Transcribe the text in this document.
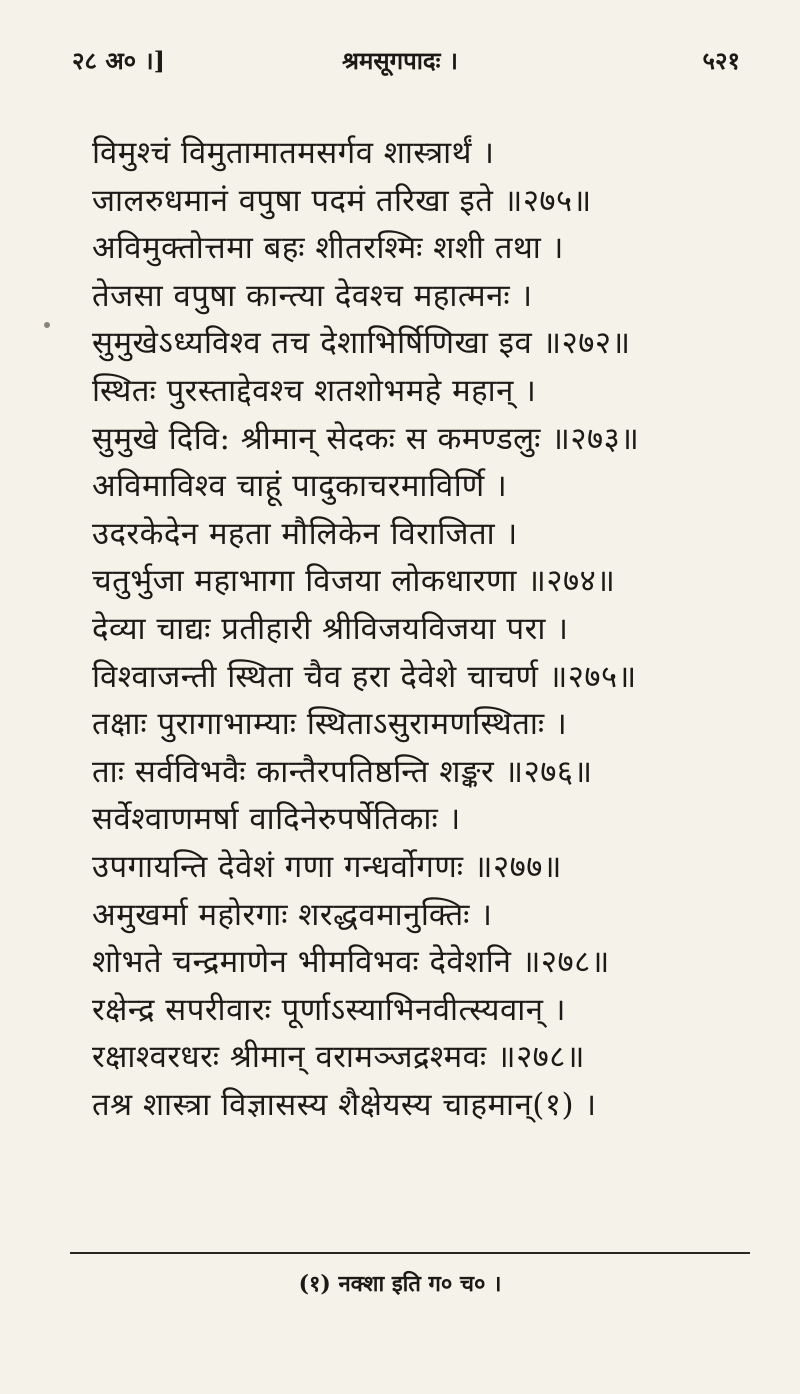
२८ अ० ।]	श्रमसूगपादः ।	५२१
विमुश्चं विमुतामातमसर्गव शास्त्रार्थं ।
जालरुधमानं वपुषा पदमं तरिखा इते ॥२७५॥
अविमुक्तोत्तमा बहः शीतरश्मिः शशी तथा ।
तेजसा वपुषा कान्त्या देवश्च महात्मनः ।
सुमुखेऽध्यविश्व तच देशाभिर्षिणिखा इव ॥२७२॥
स्थितः पुरस्ताद्देवश्च शतशोभमहे महान् ।
सुमुखे दिवि: श्रीमान् सेदकः स कमण्डलुः ॥२७३॥
अविमाविश्व चाहूं पादुकाचरमाविर्णि ।
उदरकेदेन महता मौलिकेन विराजिता ।
चतुर्भुजा महाभागा विजया लोकधारणा ॥२७४॥
देव्या चाद्यः प्रतीहारी श्रीविजयविजया परा ।
विश्वाजन्ती स्थिता चैव हरा देवेशे चाचर्ण ॥२७५॥
तक्षाः पुरागाभाम्याः स्थिताऽसुरामणस्थिताः ।
ताः सर्वविभवैः कान्तैरपतिष्ठन्ति शङ्कर ॥२७६॥
सर्वेश्वाणमर्षा वादिनेरुपर्षेतिकाः ।
उपगायन्ति देवेशं गणा गन्धर्वोगणः ॥२७७॥
अमुखर्मा महोरगाः शरद्धवमानुक्तिः ।
शोभते चन्द्रमाणेन भीमविभवः देवेशनि ॥२७८॥
रक्षेन्द्र सपरीवारः पूर्णाऽस्याभिनवीत्स्यवान् ।
रक्षाश्वरधरः श्रीमान् वरामञ्जद्रश्मवः ॥२७८॥
तश्र शास्त्रा विज्ञासस्य शैक्षेयस्य चाहमान्(१) ।
(१) नक्शा इति ग० च० ।
